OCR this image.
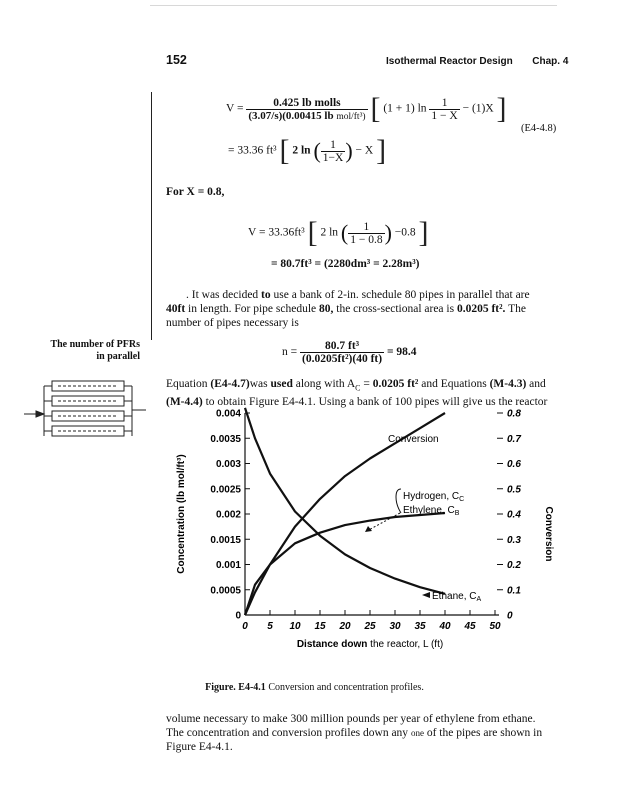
152	Isothermal Reactor Design Chap. 4
$V = \frac{\text{0.425 lb molls}}{\text{(3.07/s)(0.00415 lb mol/ft³)}}$ [ (1 + 1) $\ln \frac{1}{1 - X} - (1)X$ ]
(E4-4.8)
= 33.36 ft³ [ 2 ln ( $\frac{1}{1-X}$ ) − X ]
For X = 0.8,
V = 33.36ft³ [ 2 ln ( $\frac{1}{1 - 0.8}$ ) −0.8 ]
= 80.7ft³ = (2280dm³ = 2.28m³)
. It was decided to use a bank of 2-in. schedule 80 pipes in parallel that are
40ft in length. For pipe schedule 80, the cross-sectional area is 0.0205 ft². The
number of pipes necessary is
The number of PFRs
in parallel	$n = \frac{\text{80.7 ft³}}{\text{(0.0205ft²)(40 ft)}} = 98.4$
Equation (E4-4.7)was used along with $A_C = 0.0205$ ft² and Equations (M-4.3) and
(M-4.4) to obtain Figure E4-4.1. Using a bank of 100 pipes will give us the reactor
0.004
0.0035
0.003
0.0025
0.002
0.0015
0.001
0.0005
0
0.8
0.7
0.6
0.5
0.4
0.3
0.2
0.1
0
0 5 10 15 20 25 30 35 40 45 50
Conversion
Hydrogen, $C_C$
Ethylene, $C_B$
Ethane, $C_A$
Concentration (lb mol/ft³)	Conversion
Distance down the reactor, L (ft)
Figure. E4-4.1 Conversion and concentration profiles.
volume necessary to make 300 million pounds per year of ethylene from ethane.
The concentration and conversion profiles down any one of the pipes are shown in
Figure E4-4.1.
